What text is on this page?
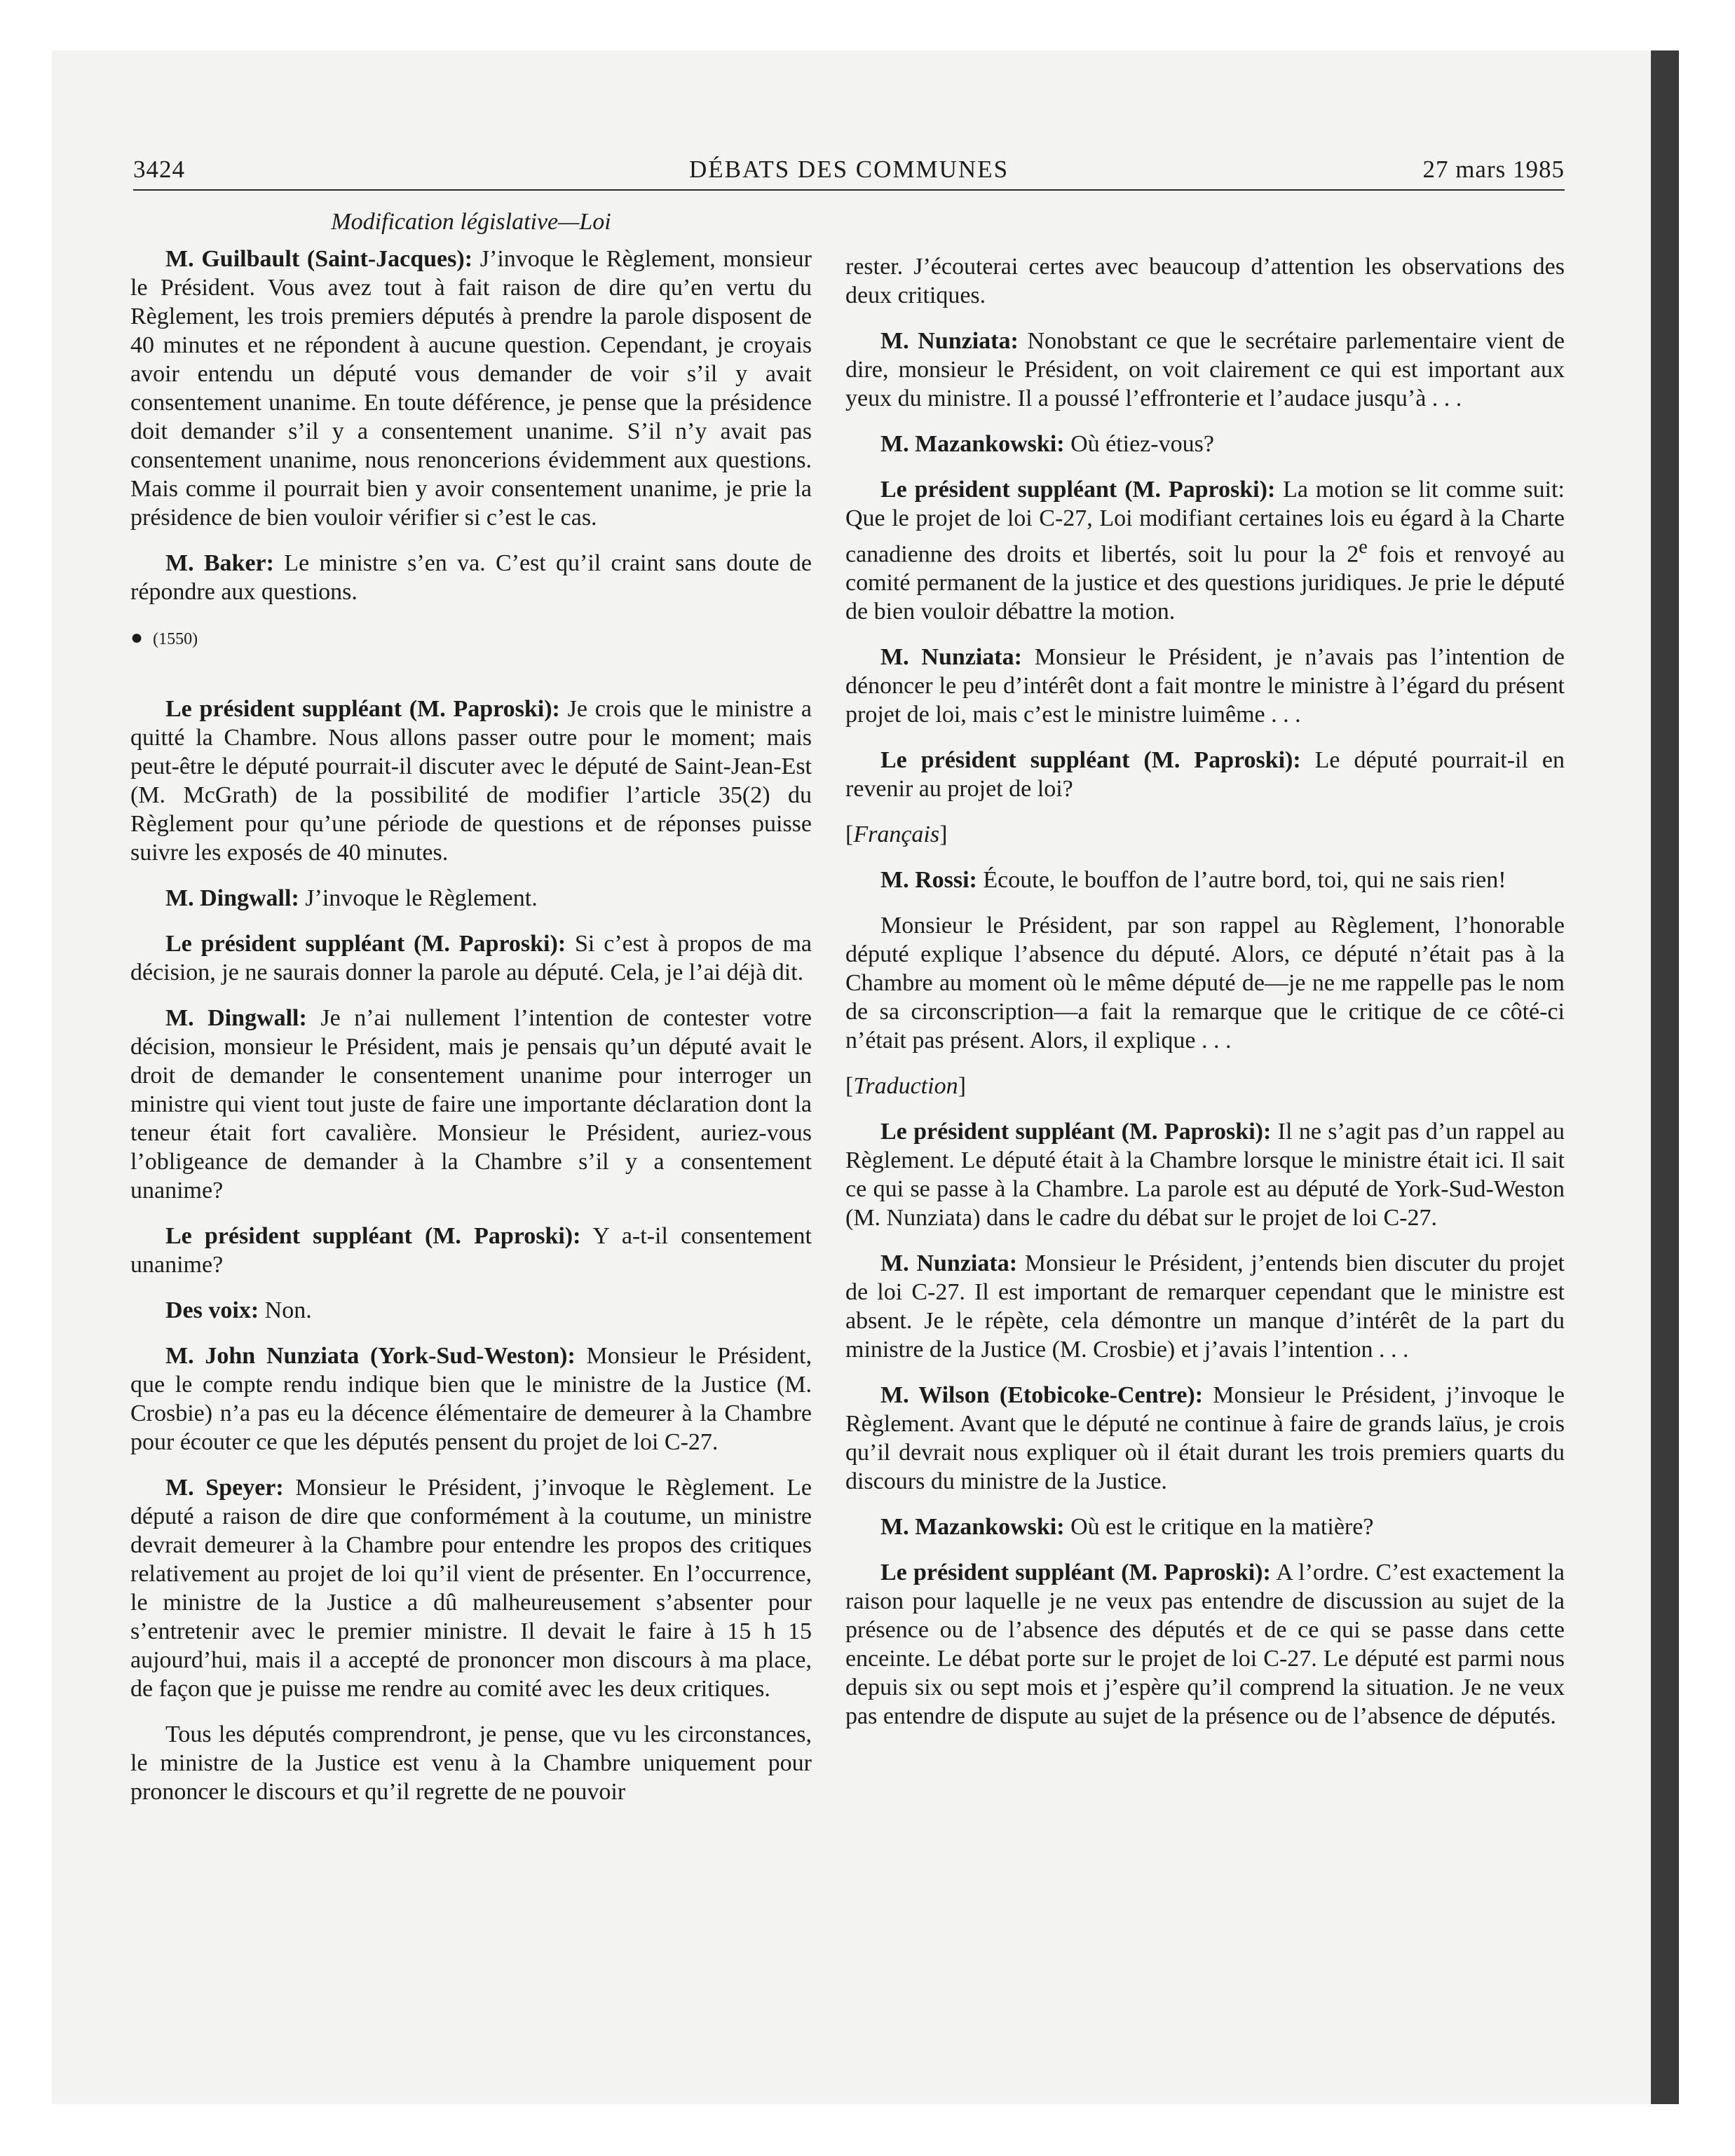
3424	DÉBATS DES COMMUNES	27 mars 1985

Modification législative—Loi

M. Guilbault (Saint-Jacques): J’invoque le Règlement, monsieur le Président. Vous avez tout à fait raison de dire qu’en vertu du Règlement, les trois premiers députés à prendre la parole disposent de 40 minutes et ne répondent à aucune question. Cependant, je croyais avoir entendu un député vous demander de voir s’il y avait consentement unanime. En toute déférence, je pense que la présidence doit demander s’il y a consentement unanime. S’il n’y avait pas consentement unanime, nous renoncerions évidemment aux questions. Mais comme il pourrait bien y avoir consentement unanime, je prie la présidence de bien vouloir vérifier si c’est le cas.

M. Baker: Le ministre s’en va. C’est qu’il craint sans doute de répondre aux questions.

● (1550)

Le président suppléant (M. Paproski): Je crois que le ministre a quitté la Chambre. Nous allons passer outre pour le moment; mais peut-être le député pourrait-il discuter avec le député de Saint-Jean-Est (M. McGrath) de la possibilité de modifier l’article 35(2) du Règlement pour qu’une période de questions et de réponses puisse suivre les exposés de 40 minutes.

M. Dingwall: J’invoque le Règlement.

Le président suppléant (M. Paproski): Si c’est à propos de ma décision, je ne saurais donner la parole au député. Cela, je l’ai déjà dit.

M. Dingwall: Je n’ai nullement l’intention de contester votre décision, monsieur le Président, mais je pensais qu’un député avait le droit de demander le consentement unanime pour interroger un ministre qui vient tout juste de faire une importante déclaration dont la teneur était fort cavalière. Monsieur le Président, auriez-vous l’obligeance de demander à la Chambre s’il y a consentement unanime?

Le président suppléant (M. Paproski): Y a-t-il consentement unanime?

Des voix: Non.

M. John Nunziata (York-Sud-Weston): Monsieur le Président, que le compte rendu indique bien que le ministre de la Justice (M. Crosbie) n’a pas eu la décence élémentaire de demeurer à la Chambre pour écouter ce que les députés pensent du projet de loi C-27.

M. Speyer: Monsieur le Président, j’invoque le Règlement. Le député a raison de dire que conformément à la coutume, un ministre devrait demeurer à la Chambre pour entendre les propos des critiques relativement au projet de loi qu’il vient de présenter. En l’occurrence, le ministre de la Justice a dû malheureusement s’absenter pour s’entretenir avec le premier ministre. Il devait le faire à 15 h 15 aujourd’hui, mais il a accepté de prononcer mon discours à ma place, de façon que je puisse me rendre au comité avec les deux critiques.

Tous les députés comprendront, je pense, que vu les circonstances, le ministre de la Justice est venu à la Chambre uniquement pour prononcer le discours et qu’il regrette de ne pouvoir

rester. J’écouterai certes avec beaucoup d’attention les observations des deux critiques.

M. Nunziata: Nonobstant ce que le secrétaire parlementaire vient de dire, monsieur le Président, on voit clairement ce qui est important aux yeux du ministre. Il a poussé l’effronterie et l’audace jusqu’à . . .

M. Mazankowski: Où étiez-vous?

Le président suppléant (M. Paproski): La motion se lit comme suit: Que le projet de loi C-27, Loi modifiant certaines lois eu égard à la Charte canadienne des droits et libertés, soit lu pour la 2e fois et renvoyé au comité permanent de la justice et des questions juridiques. Je prie le député de bien vouloir débattre la motion.

M. Nunziata: Monsieur le Président, je n’avais pas l’intention de dénoncer le peu d’intérêt dont a fait montre le ministre à l’égard du présent projet de loi, mais c’est le ministre luimême . . .

Le président suppléant (M. Paproski): Le député pourrait-il en revenir au projet de loi?

[Français]

M. Rossi: Écoute, le bouffon de l’autre bord, toi, qui ne sais rien!

Monsieur le Président, par son rappel au Règlement, l’honorable député explique l’absence du député. Alors, ce député n’était pas à la Chambre au moment où le même député de—je ne me rappelle pas le nom de sa circonscription—a fait la remarque que le critique de ce côté-ci n’était pas présent. Alors, il explique . . .

[Traduction]

Le président suppléant (M. Paproski): Il ne s’agit pas d’un rappel au Règlement. Le député était à la Chambre lorsque le ministre était ici. Il sait ce qui se passe à la Chambre. La parole est au député de York-Sud-Weston (M. Nunziata) dans le cadre du débat sur le projet de loi C-27.

M. Nunziata: Monsieur le Président, j’entends bien discuter du projet de loi C-27. Il est important de remarquer cependant que le ministre est absent. Je le répète, cela démontre un manque d’intérêt de la part du ministre de la Justice (M. Crosbie) et j’avais l’intention . . .

M. Wilson (Etobicoke-Centre): Monsieur le Président, j’invoque le Règlement. Avant que le député ne continue à faire de grands laïus, je crois qu’il devrait nous expliquer où il était durant les trois premiers quarts du discours du ministre de la Justice.

M. Mazankowski: Où est le critique en la matière?

Le président suppléant (M. Paproski): A l’ordre. C’est exactement la raison pour laquelle je ne veux pas entendre de discussion au sujet de la présence ou de l’absence des députés et de ce qui se passe dans cette enceinte. Le débat porte sur le projet de loi C-27. Le député est parmi nous depuis six ou sept mois et j’espère qu’il comprend la situation. Je ne veux pas entendre de dispute au sujet de la présence ou de l’absence de députés.
